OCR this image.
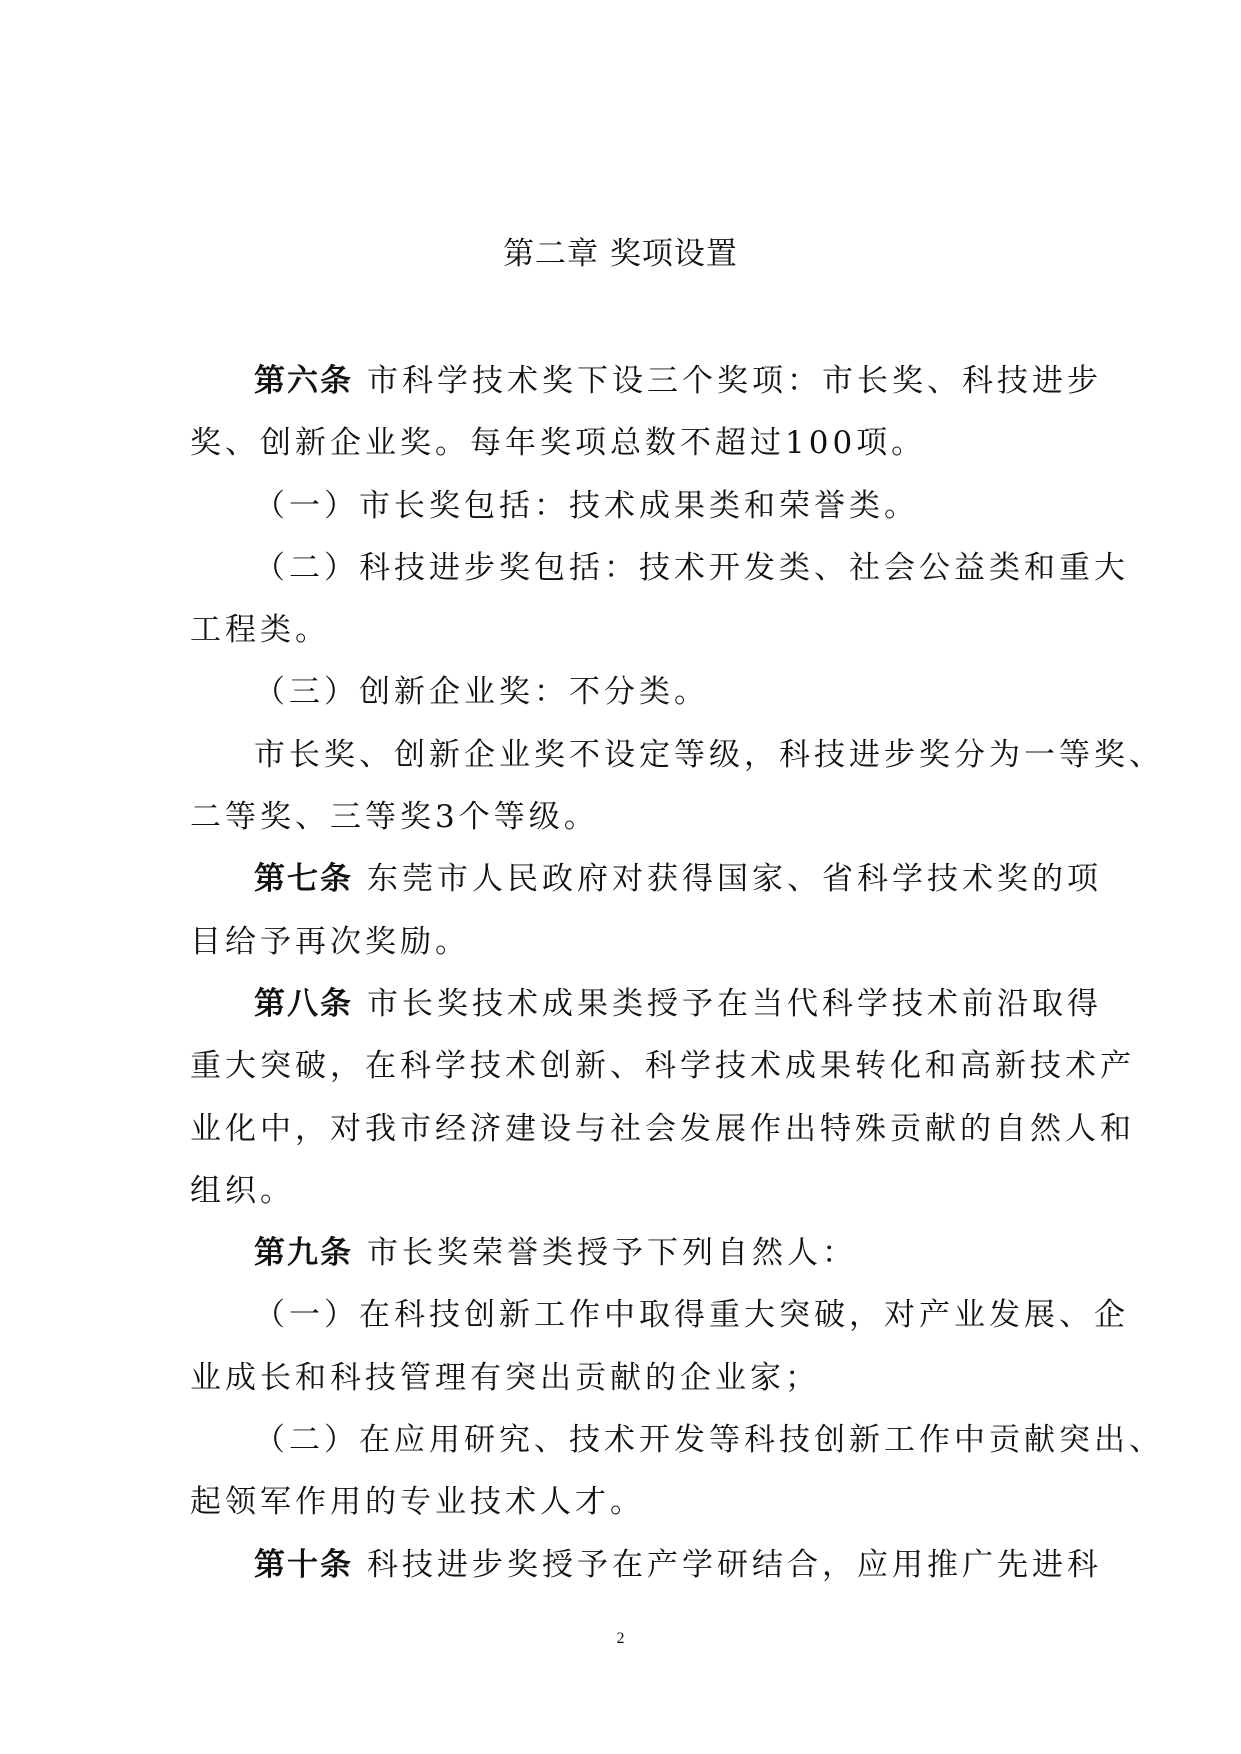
第二章 奖项设置
第六条 市科学技术奖下设三个奖项：市长奖、科技进步
奖、创新企业奖。每年奖项总数不超过100项。
（一）市长奖包括：技术成果类和荣誉类。
（二）科技进步奖包括：技术开发类、社会公益类和重大
工程类。
（三）创新企业奖：不分类。
市长奖、创新企业奖不设定等级，科技进步奖分为一等奖、
二等奖、三等奖3个等级。
第七条 东莞市人民政府对获得国家、省科学技术奖的项
目给予再次奖励。
第八条 市长奖技术成果类授予在当代科学技术前沿取得
重大突破，在科学技术创新、科学技术成果转化和高新技术产
业化中，对我市经济建设与社会发展作出特殊贡献的自然人和
组织。
第九条 市长奖荣誉类授予下列自然人：
（一）在科技创新工作中取得重大突破，对产业发展、企
业成长和科技管理有突出贡献的企业家；
（二）在应用研究、技术开发等科技创新工作中贡献突出、
起领军作用的专业技术人才。
第十条 科技进步奖授予在产学研结合，应用推广先进科
2
